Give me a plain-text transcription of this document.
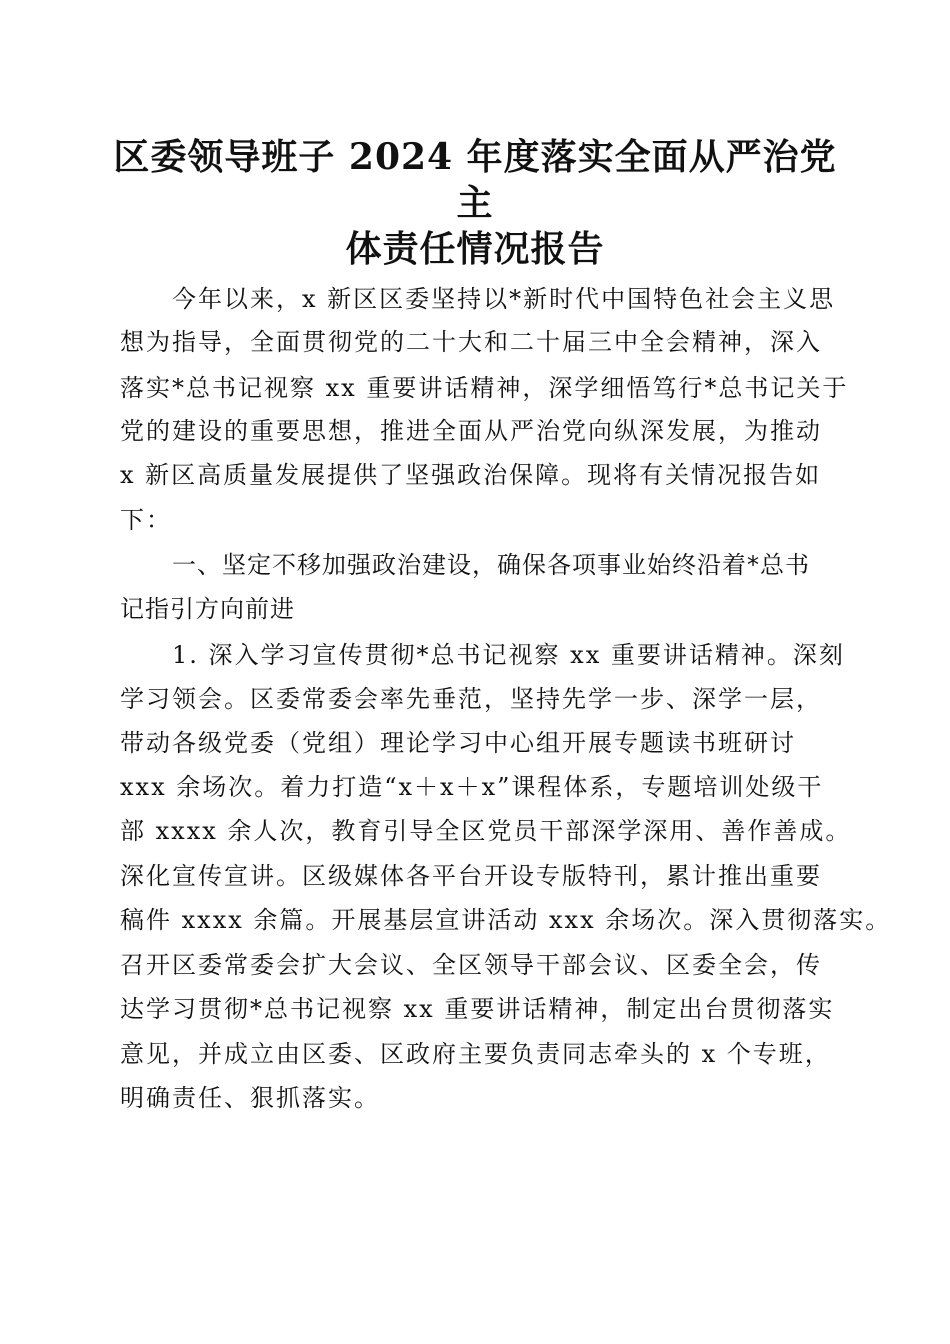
区委领导班子 2024 年度落实全面从严治党主
体责任情况报告
今年以来，x 新区区委坚持以*新时代中国特色社会主义思
想为指导，全面贯彻党的二十大和二十届三中全会精神，深入
落实*总书记视察 xx 重要讲话精神，深学细悟笃行*总书记关于
党的建设的重要思想，推进全面从严治党向纵深发展，为推动
x 新区高质量发展提供了坚强政治保障。现将有关情况报告如
下：
一、坚定不移加强政治建设，确保各项事业始终沿着*总书
记指引方向前进
1. 深入学习宣传贯彻*总书记视察 xx 重要讲话精神。深刻
学习领会。区委常委会率先垂范，坚持先学一步、深学一层，
带动各级党委（党组）理论学习中心组开展专题读书班研讨
xxx 余场次。着力打造“x＋x＋x”课程体系，专题培训处级干
部 xxxx 余人次，教育引导全区党员干部深学深用、善作善成。
深化宣传宣讲。区级媒体各平台开设专版特刊，累计推出重要
稿件 xxxx 余篇。开展基层宣讲活动 xxx 余场次。深入贯彻落实。
召开区委常委会扩大会议、全区领导干部会议、区委全会，传
达学习贯彻*总书记视察 xx 重要讲话精神，制定出台贯彻落实
意见，并成立由区委、区政府主要负责同志牵头的 x 个专班，
明确责任、狠抓落实。
